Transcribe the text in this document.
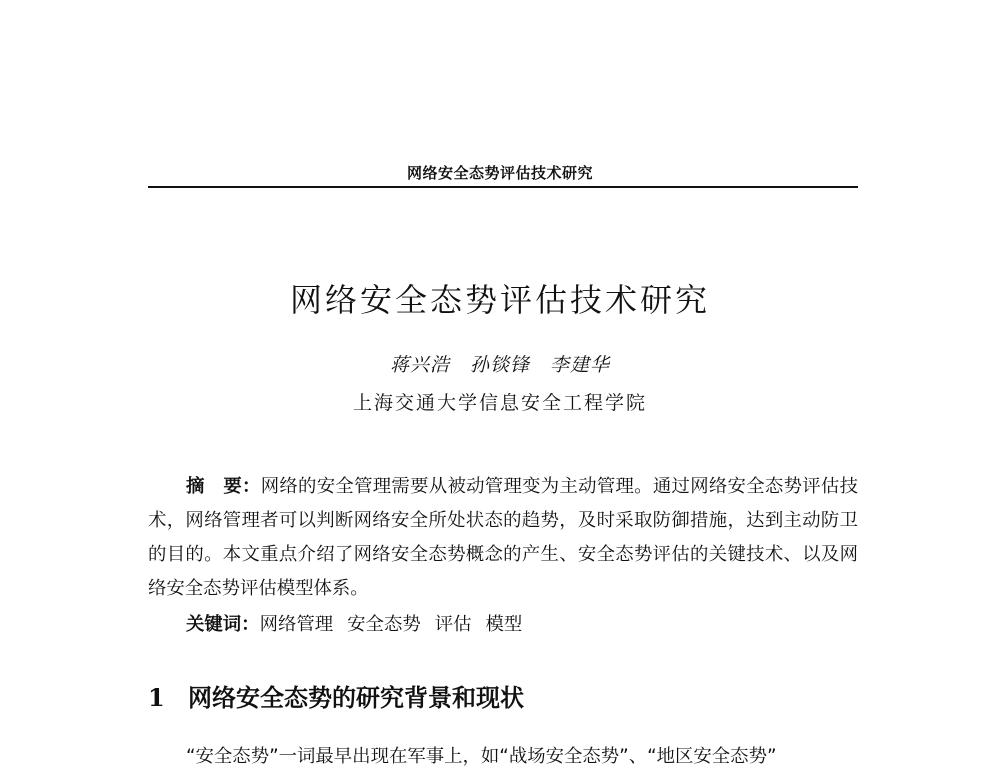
网络安全态势评估技术研究
网络安全态势评估技术研究
蒋兴浩　孙锬锋　李建华
上海交通大学信息安全工程学院

摘　要：网络的安全管理需要从被动管理变为主动管理。通过网络安全态势评估技术，网络管理者可以判断网络安全所处状态的趋势，及时采取防御措施，达到主动防卫的目的。本文重点介绍了网络安全态势概念的产生、安全态势评估的关键技术、以及网络安全态势评估模型体系。

关键词：网络管理 安全态势 评估 模型

1 网络安全态势的研究背景和现状

“安全态势”一词最早出现在军事上，如“战场安全态势”、“地区安全态势”
